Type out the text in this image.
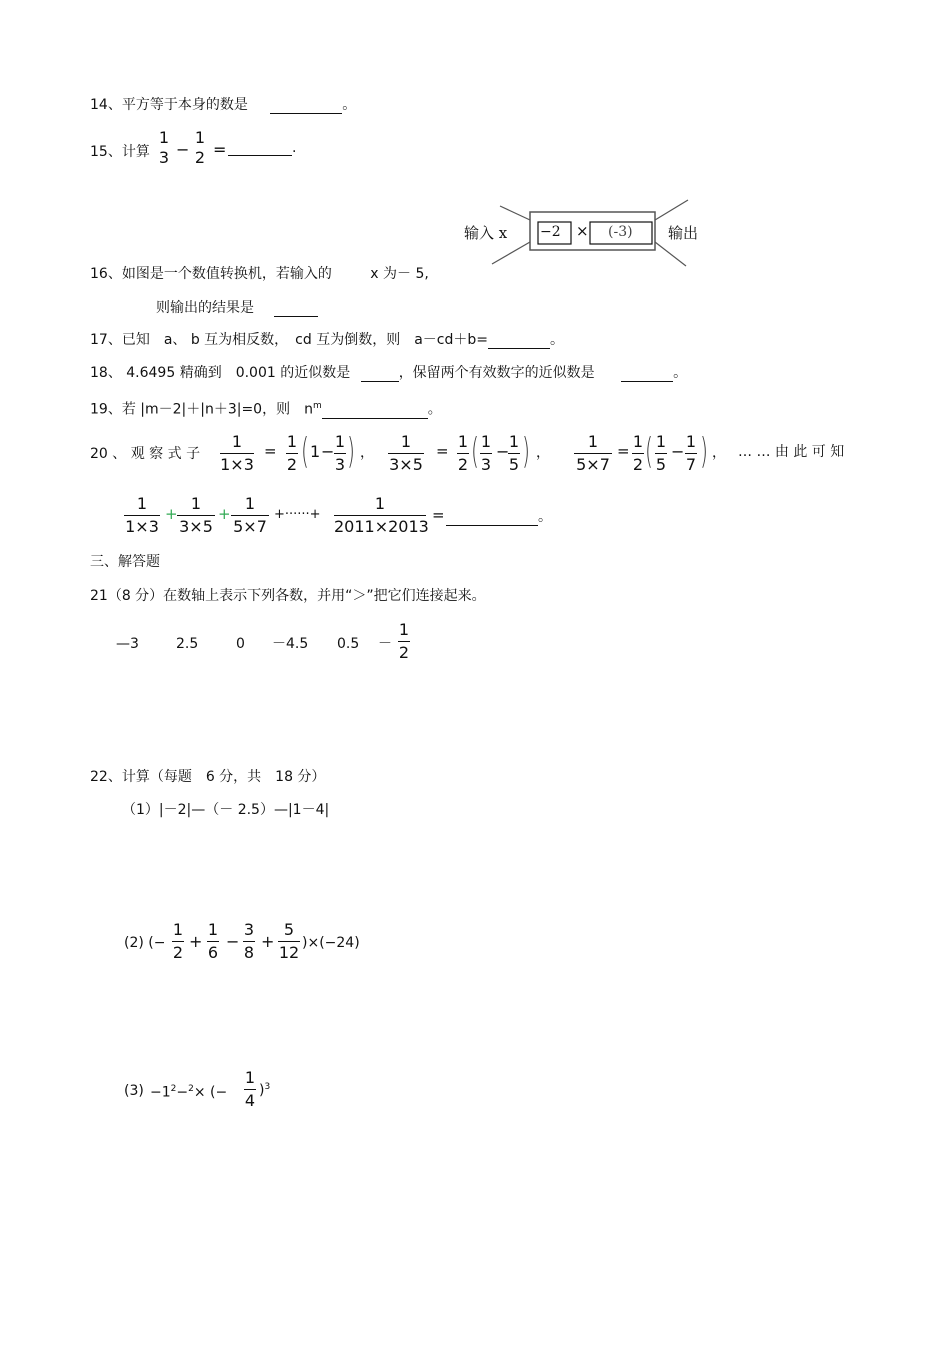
14、平方等于本身的数是	。
15、计算
1
3 −
1
2 =	.
输入 x −2 × (-3) 输出
16、如图是一个数值转换机，若输入的	x 为－ 5,
则输出的结果是
17、已知　a、 b 互为相反数，　cd 互为倒数，则　a－cd＋b=	。
18、 4.6495 精确到　0.001 的近似数是	，保留两个有效数字的近似数是	。
19、若 |m－2|＋|n＋3|=0，则　$n^m$	。
20 、 观 察 式 子
1
1×3
= 1
2 ( 1 −
1
3 ) ，
1
3×5
= 1
2 ( 1
3
−
1
5 ) ，
1
5×7
= 1
2 ( 1
5
−
1
7 ) ， … … 由 此 可 知
1
1×3
+
1
3×5
+
1
5×7
+······+
1
2011×2013
=	。
三、解答题
21（8 分）在数轴上表示下列各数，并用“＞”把它们连接起来。
—3	2.5	0 －4.5 0.5 －
1
2
22、计算（每题　6 分，共　18 分）
（1）|－2|—（－ 2.5）—|1－4|
(2) (−
1
2
+
1
6
−
3
8
+
5
12 )×(−24)
$(3) -1^2-^2\times$ (−
1
4
)$^3$
